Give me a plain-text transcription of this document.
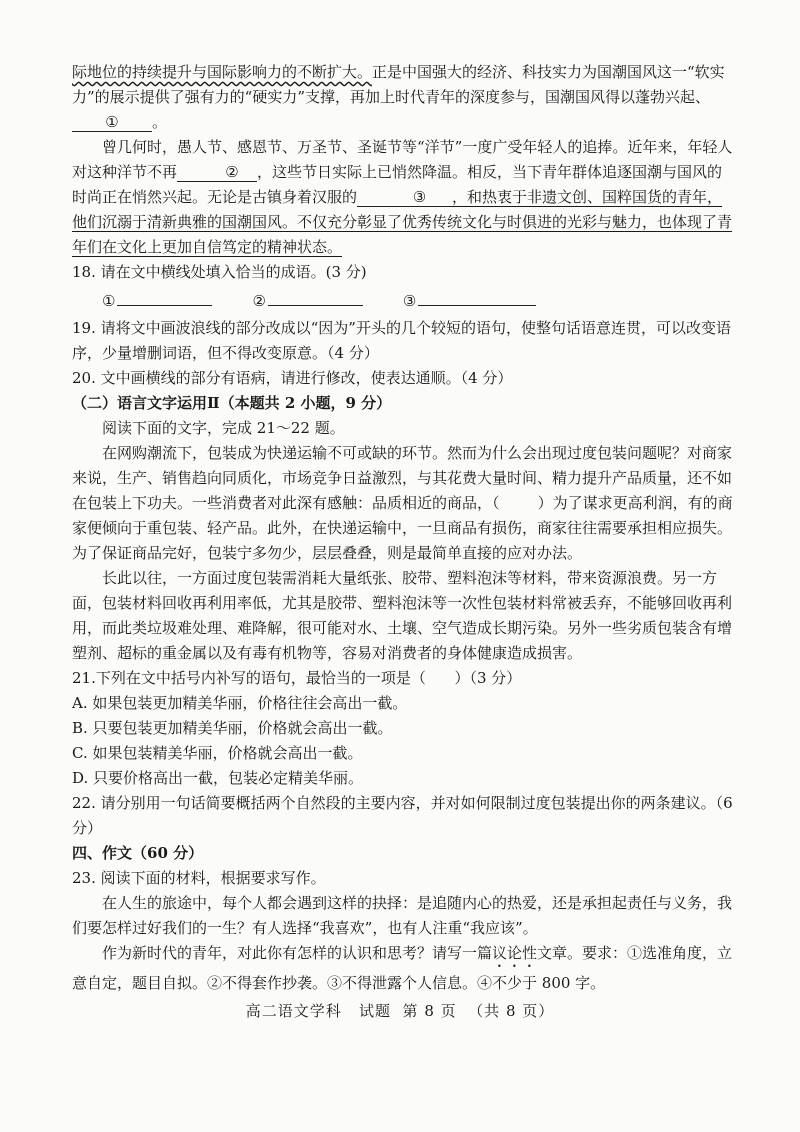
际地位的持续提升与国际影响力的不断扩大。正是中国强大的经济、科技实力为国潮国风这一“软实力”的展示提供了强有力的“硬实力”支撑，再加上时代青年的深度参与，国潮国风得以蓬勃兴起、① 。

曾几何时，愚人节、感恩节、万圣节、圣诞节等“洋节”一度广受年轻人的追捧。近年来，年轻人对这种洋节不再	② ，这些节日实际上已悄然降温。相反，当下青年群体追逐国潮与国风的时尚正在悄然兴起。无论是古镇身着汉服的	③ ，和热衷于非遗文创、国粹国货的青年，他们沉溺于清新典雅的国潮国风。不仅充分彰显了优秀传统文化与时俱进的光彩与魅力，也体现了青年们在文化上更加自信笃定的精神状态。

18. 请在文中横线处填入恰当的成语。(3 分)

①	②	③

19. 请将文中画波浪线的部分改成以“因为”开头的几个较短的语句，使整句话语意连贯，可以改变语序，少量增删词语，但不得改变原意。（4 分）

20. 文中画横线的部分有语病，请进行修改，使表达通顺。（4 分）

（二）语言文字运用Ⅱ（本题共 2 小题，9 分）

阅读下面的文字，完成 21～22 题。

在网购潮流下，包装成为快递运输不可或缺的环节。然而为什么会出现过度包装问题呢？对商家来说，生产、销售趋向同质化，市场竞争日益激烈，与其花费大量时间、精力提升产品质量，还不如在包装上下功夫。一些消费者对此深有感触：品质相近的商品，（	）为了谋求更高利润，有的商家便倾向于重包装、轻产品。此外，在快递运输中，一旦商品有损伤，商家往往需要承担相应损失。为了保证商品完好，包装宁多勿少，层层叠叠，则是最简单直接的应对办法。

长此以往，一方面过度包装需消耗大量纸张、胶带、塑料泡沫等材料，带来资源浪费。另一方面，包装材料回收再利用率低，尤其是胶带、塑料泡沫等一次性包装材料常被丢弃，不能够回收再利用，而此类垃圾难处理、难降解，很可能对水、土壤、空气造成长期污染。另外一些劣质包装含有增塑剂、超标的重金属以及有毒有机物等，容易对消费者的身体健康造成损害。

21.下列在文中括号内补写的语句，最恰当的一项是（      ）（3 分）

A. 如果包装更加精美华丽，价格往往会高出一截。

B. 只要包装更加精美华丽，价格就会高出一截。

C. 如果包装精美华丽，价格就会高出一截。

D. 只要价格高出一截，包装必定精美华丽。

22. 请分别用一句话简要概括两个自然段的主要内容，并对如何限制过度包装提出你的两条建议。（6 分）

四、作文（60 分）

23. 阅读下面的材料，根据要求写作。

在人生的旅途中，每个人都会遇到这样的抉择：是追随内心的热爱，还是承担起责任与义务，我们要怎样过好我们的一生？有人选择“我喜欢”，也有人注重“我应该”。

作为新时代的青年，对此你有怎样的认识和思考？请写一篇议论性文章。要求：①选准角度，立意自定，题目自拟。②不得套作抄袭。③不得泄露个人信息。④不少于 800 字。

高二语文学科   试题  第 8 页  （共 8 页）
